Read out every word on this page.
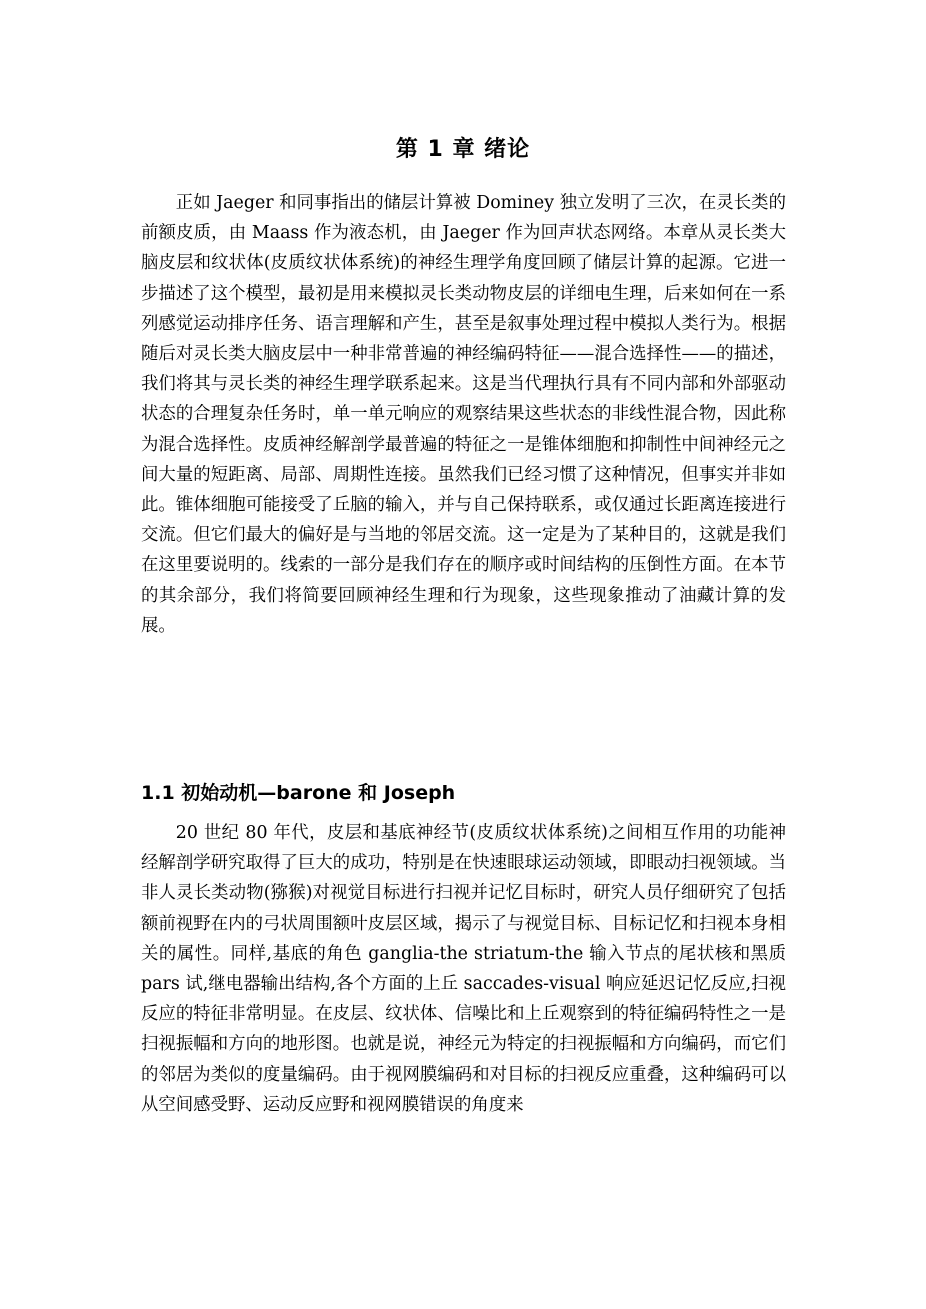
第 1 章 绪论

正如 Jaeger 和同事指出的储层计算被 Dominey 独立发明了三次，在灵长类的前额皮质，由 Maass 作为液态机，由 Jaeger 作为回声状态网络。本章从灵长类大脑皮层和纹状体(皮质纹状体系统)的神经生理学角度回顾了储层计算的起源。它进一步描述了这个模型，最初是用来模拟灵长类动物皮层的详细电生理，后来如何在一系列感觉运动排序任务、语言理解和产生，甚至是叙事处理过程中模拟人类行为。根据随后对灵长类大脑皮层中一种非常普遍的神经编码特征——混合选择性——的描述，我们将其与灵长类的神经生理学联系起来。这是当代理执行具有不同内部和外部驱动状态的合理复杂任务时，单一单元响应的观察结果这些状态的非线性混合物，因此称为混合选择性。皮质神经解剖学最普遍的特征之一是锥体细胞和抑制性中间神经元之间大量的短距离、局部、周期性连接。虽然我们已经习惯了这种情况，但事实并非如此。锥体细胞可能接受了丘脑的输入，并与自己保持联系，或仅通过长距离连接进行交流。但它们最大的偏好是与当地的邻居交流。这一定是为了某种目的，这就是我们在这里要说明的。线索的一部分是我们存在的顺序或时间结构的压倒性方面。在本节的其余部分，我们将简要回顾神经生理和行为现象，这些现象推动了油藏计算的发展。

1.1 初始动机—barone 和 Joseph

20 世纪 80 年代，皮层和基底神经节(皮质纹状体系统)之间相互作用的功能神经解剖学研究取得了巨大的成功，特别是在快速眼球运动领域，即眼动扫视领域。当非人灵长类动物(猕猴)对视觉目标进行扫视并记忆目标时，研究人员仔细研究了包括额前视野在内的弓状周围额叶皮层区域，揭示了与视觉目标、目标记忆和扫视本身相关的属性。同样,基底的角色 ganglia-the striatum-the 输入节点的尾状核和黑质 pars 试,继电器输出结构,各个方面的上丘 saccades-visual 响应延迟记忆反应,扫视反应的特征非常明显。在皮层、纹状体、信噪比和上丘观察到的特征编码特性之一是扫视振幅和方向的地形图。也就是说，神经元为特定的扫视振幅和方向编码，而它们的邻居为类似的度量编码。由于视网膜编码和对目标的扫视反应重叠，这种编码可以从空间感受野、运动反应野和视网膜错误的角度来
